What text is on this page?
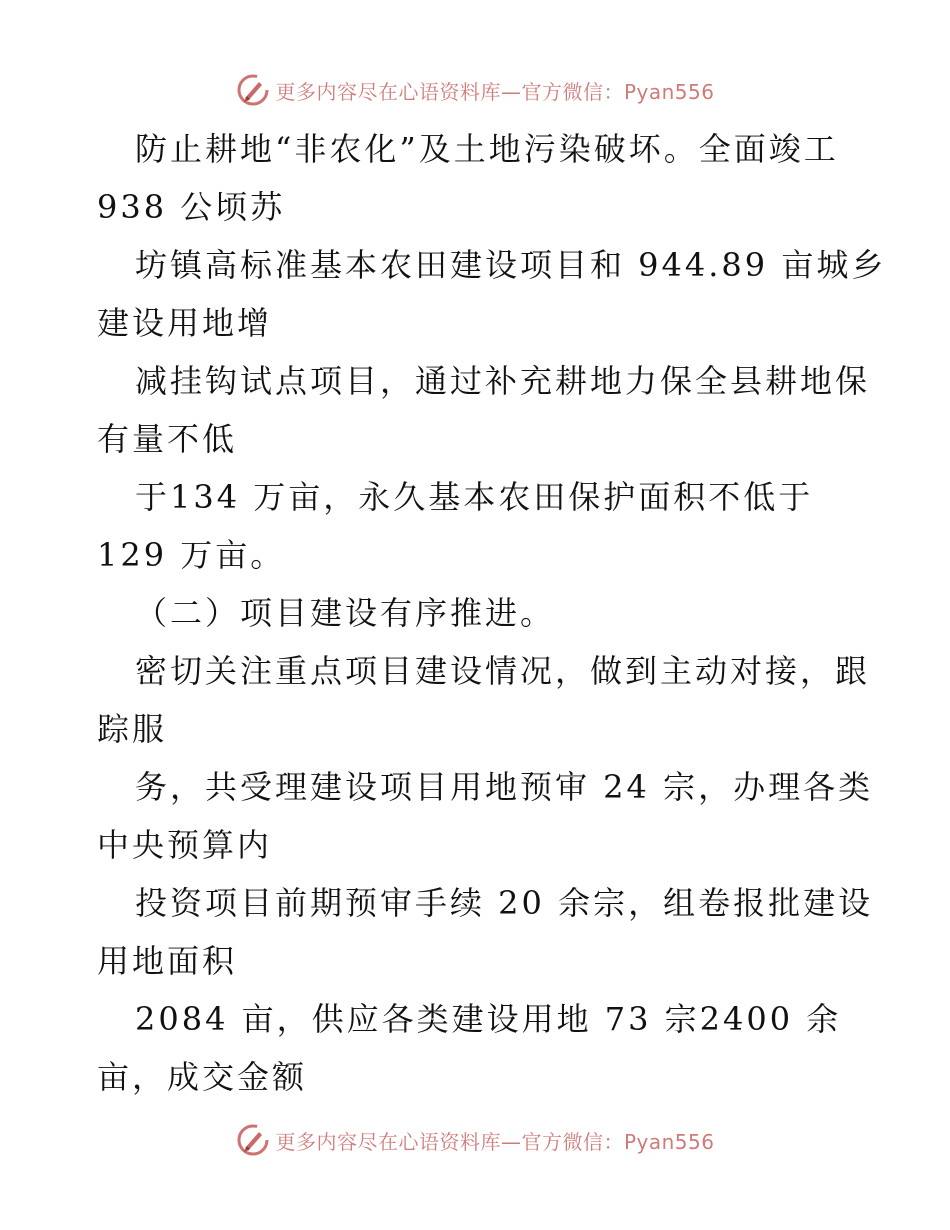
更多内容尽在心语资料库—官方微信：Pyan556
防止耕地“非农化”及土地污染破坏。全面竣工
938 公顷苏
坊镇高标准基本农田建设项目和 944.89 亩城乡
建设用地增
减挂钩试点项目，通过补充耕地力保全县耕地保
有量不低
于134 万亩，永久基本农田保护面积不低于
129 万亩。
（二）项目建设有序推进。
密切关注重点项目建设情况，做到主动对接，跟
踪服
务，共受理建设项目用地预审 24 宗，办理各类
中央预算内
投资项目前期预审手续 20 余宗，组卷报批建设
用地面积
2084 亩，供应各类建设用地 73 宗2400 余
亩，成交金额
更多内容尽在心语资料库—官方微信：Pyan556
